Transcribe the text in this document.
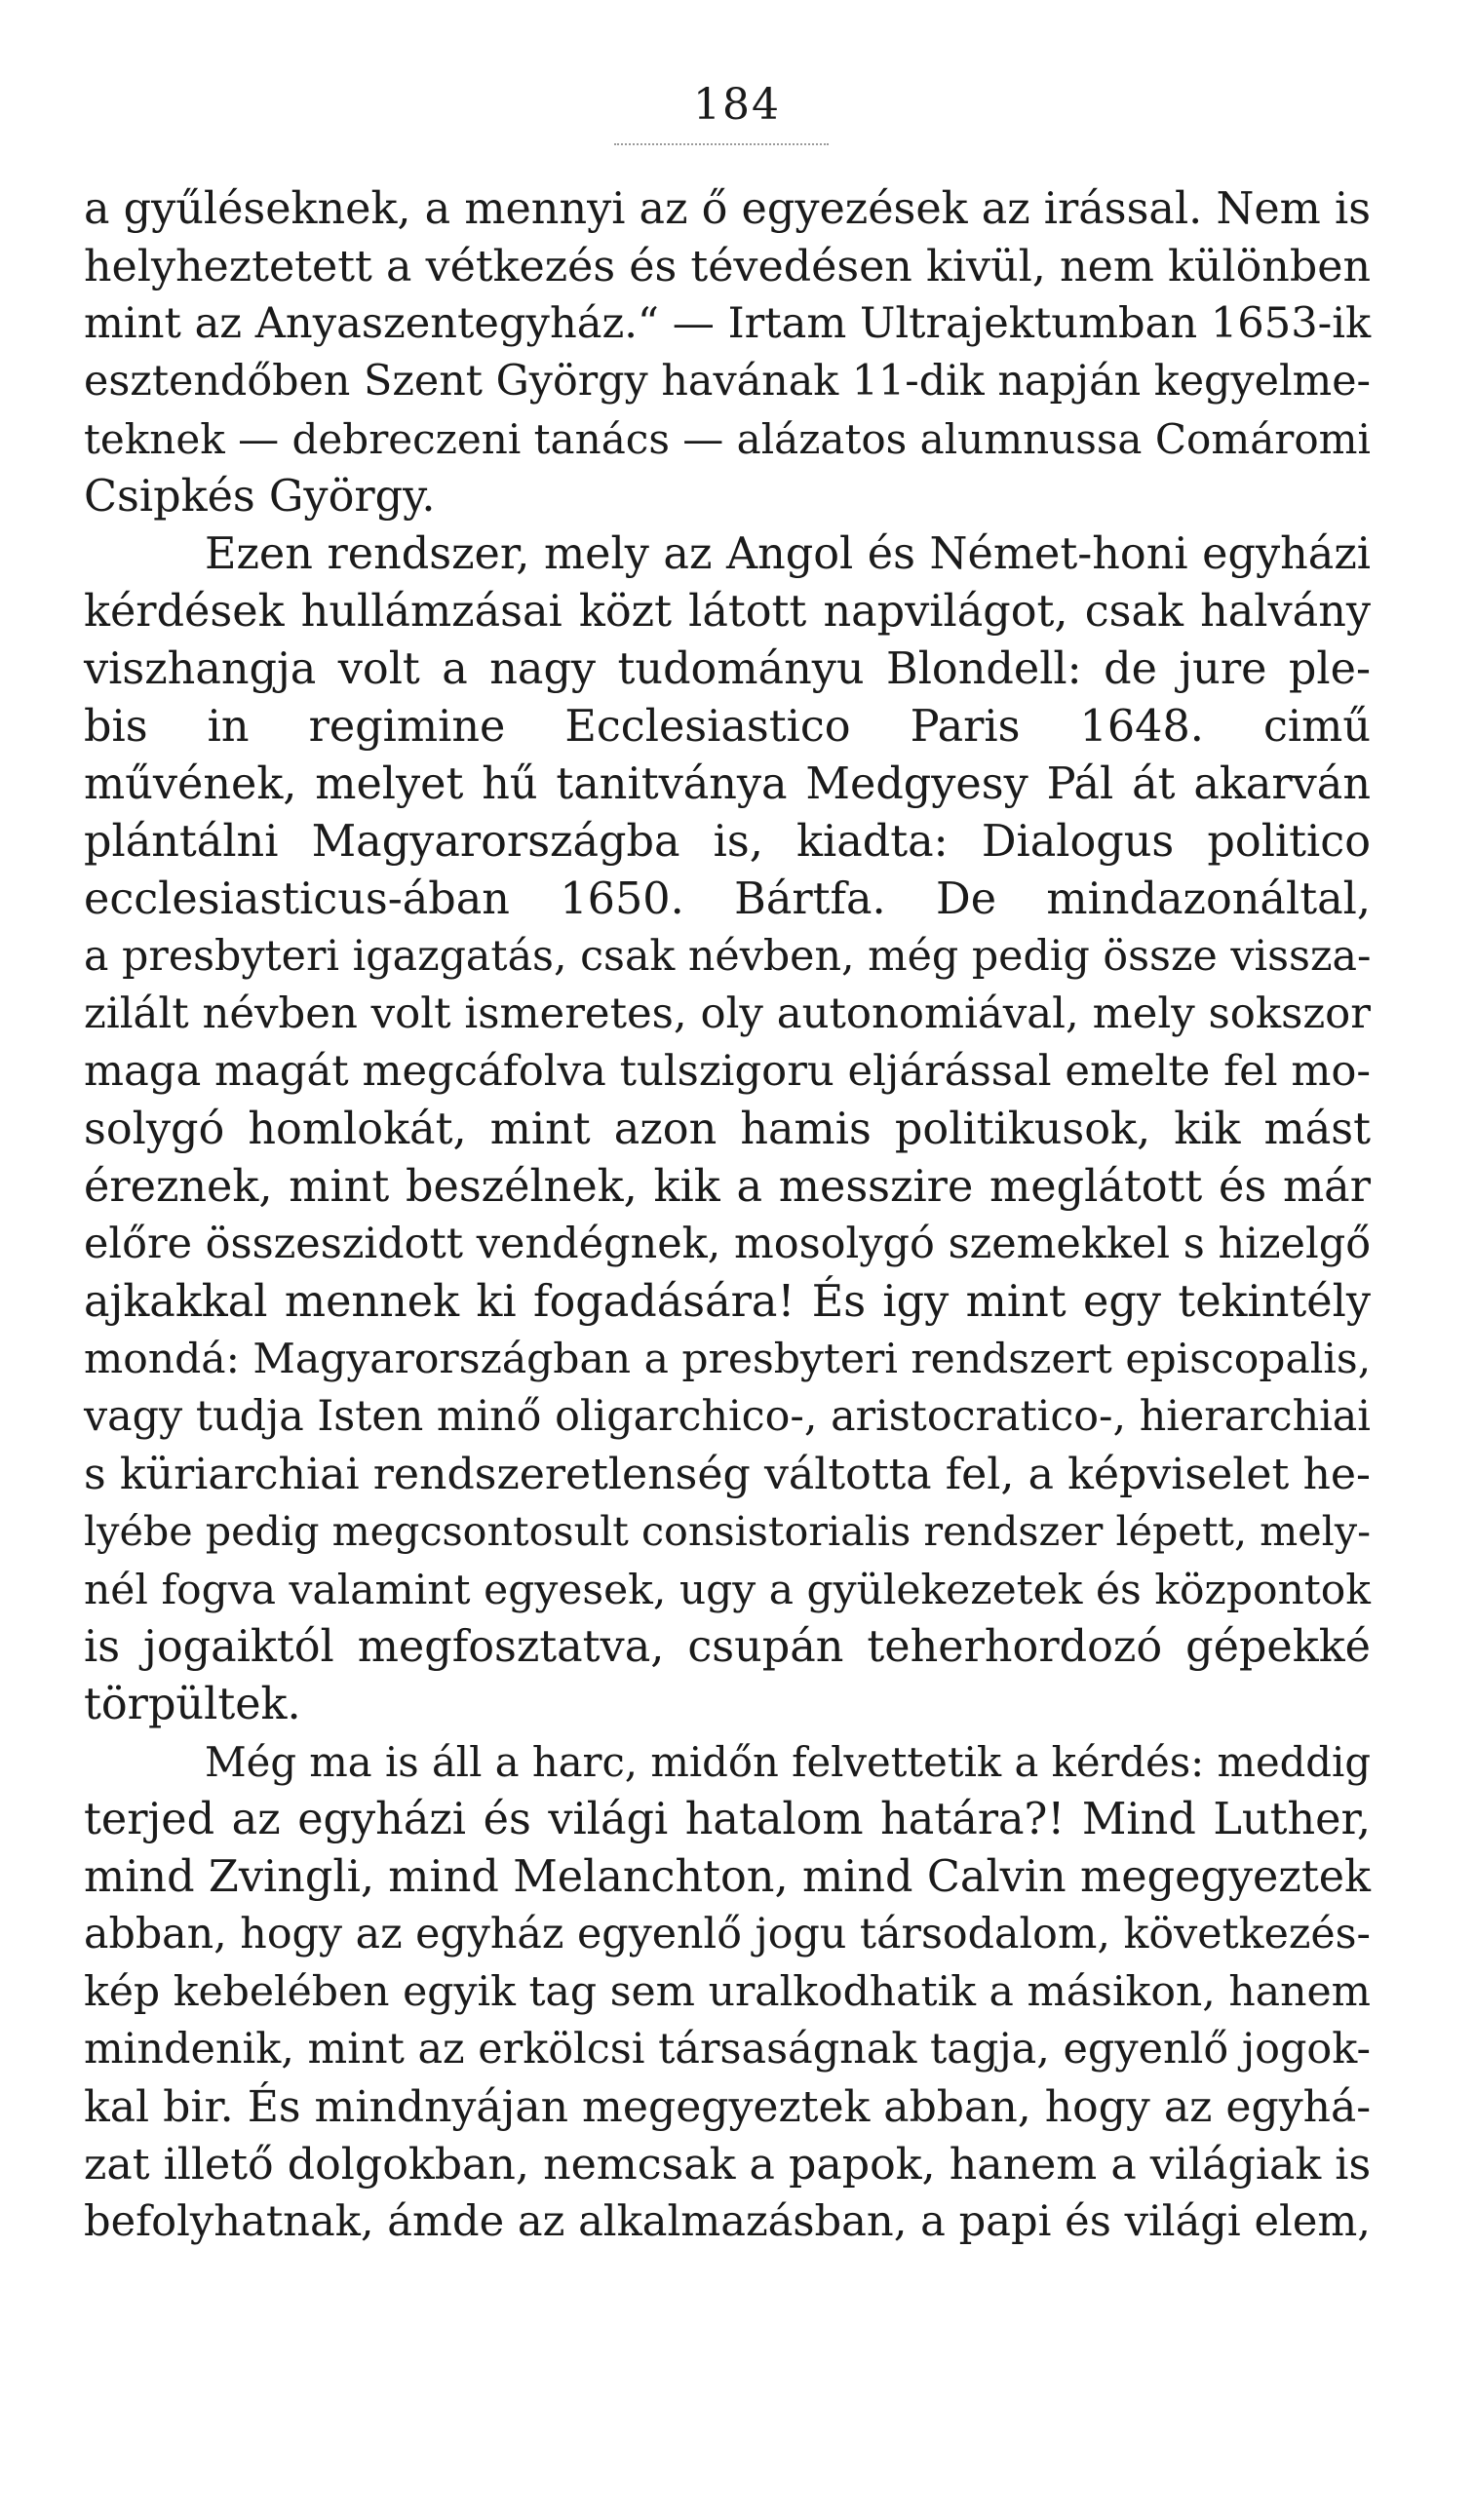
184
a gyűléseknek, a mennyi az ő egyezések az irással. Nem is
helyheztetett a vétkezés és tévedésen kivül, nem különben
mint az Anyaszentegyház.“ — Irtam Ultrajektumban 1653-ik
esztendőben Szent György havának 11-dik napján kegyelme-
teknek — debreczeni tanács — alázatos alumnussa Comáromi
Csipkés György.
Ezen rendszer, mely az Angol és Német-honi egyházi
kérdések hullámzásai közt látott napvilágot, csak halvány
viszhangja volt a nagy tudományu Blondell: de jure ple-
bis in regimine Ecclesiastico Paris 1648. cimű
művének, melyet hű tanitványa Medgyesy Pál át akarván
plántálni Magyarországba is, kiadta: Dialogus politico
ecclesiasticus-ában 1650. Bártfa. De mindazonáltal,
a presbyteri igazgatás, csak névben, még pedig össze vissza-
zilált névben volt ismeretes, oly autonomiával, mely sokszor
maga magát megcáfolva tulszigoru eljárással emelte fel mo-
solygó homlokát, mint azon hamis politikusok, kik mást
éreznek, mint beszélnek, kik a messzire meglátott és már
előre összeszidott vendégnek, mosolygó szemekkel s hizelgő
ajkakkal mennek ki fogadására! És igy mint egy tekintély
mondá: Magyarországban a presbyteri rendszert episcopalis,
vagy tudja Isten minő oligarchico-, aristocratico-, hierarchiai
s küriarchiai rendszeretlenség váltotta fel, a képviselet he-
lyébe pedig megcsontosult consistorialis rendszer lépett, mely-
nél fogva valamint egyesek, ugy a gyülekezetek és központok
is jogaiktól megfosztatva, csupán teherhordozó gépekké
törpültek.
Még ma is áll a harc, midőn felvettetik a kérdés: meddig
terjed az egyházi és világi hatalom határa?! Mind Luther,
mind Zvingli, mind Melanchton, mind Calvin megegyeztek
abban, hogy az egyház egyenlő jogu társodalom, következés-
kép kebelében egyik tag sem uralkodhatik a másikon, hanem
mindenik, mint az erkölcsi társaságnak tagja, egyenlő jogok-
kal bir. És mindnyájan megegyeztek abban, hogy az egyhá-
zat illető dolgokban, nemcsak a papok, hanem a világiak is
befolyhatnak, ámde az alkalmazásban, a papi és világi elem,
